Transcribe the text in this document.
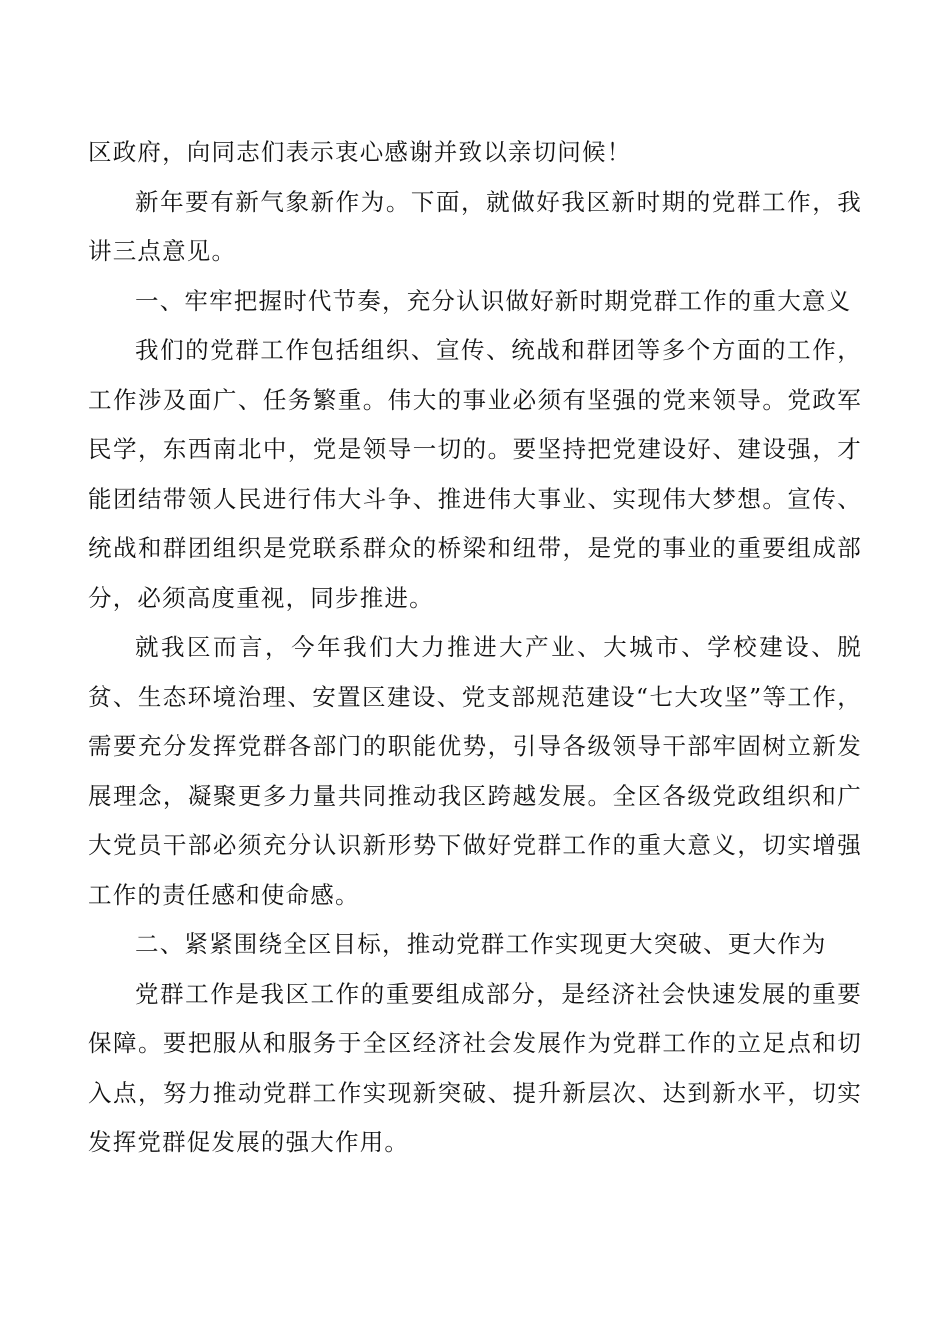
区政府，向同志们表示衷心感谢并致以亲切问候！

新年要有新气象新作为。下面，就做好我区新时期的党群工作，我讲三点意见。

一、牢牢把握时代节奏，充分认识做好新时期党群工作的重大意义

我们的党群工作包括组织、宣传、统战和群团等多个方面的工作，工作涉及面广、任务繁重。伟大的事业必须有坚强的党来领导。党政军民学，东西南北中，党是领导一切的。要坚持把党建设好、建设强，才能团结带领人民进行伟大斗争、推进伟大事业、实现伟大梦想。宣传、统战和群团组织是党联系群众的桥梁和纽带，是党的事业的重要组成部分，必须高度重视，同步推进。

就我区而言，今年我们大力推进大产业、大城市、学校建设、脱贫、生态环境治理、安置区建设、党支部规范建设“七大攻坚”等工作，需要充分发挥党群各部门的职能优势，引导各级领导干部牢固树立新发展理念，凝聚更多力量共同推动我区跨越发展。全区各级党政组织和广大党员干部必须充分认识新形势下做好党群工作的重大意义，切实增强工作的责任感和使命感。

二、紧紧围绕全区目标，推动党群工作实现更大突破、更大作为

党群工作是我区工作的重要组成部分，是经济社会快速发展的重要保障。要把服从和服务于全区经济社会发展作为党群工作的立足点和切入点，努力推动党群工作实现新突破、提升新层次、达到新水平，切实发挥党群促发展的强大作用。
